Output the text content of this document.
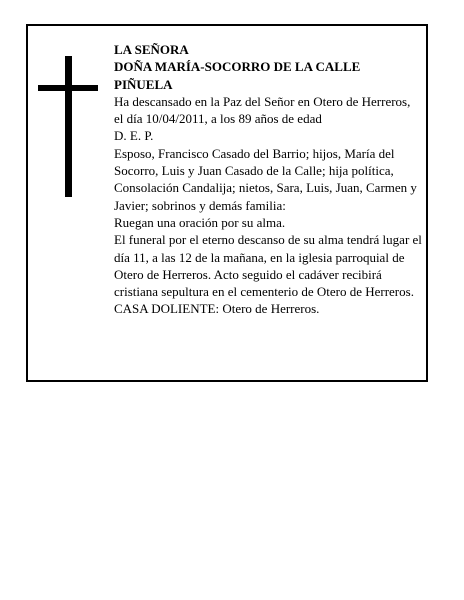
LA SEÑORA

DOÑA MARÍA-SOCORRO DE LA CALLE PIÑUELA

Ha descansado en la Paz del Señor en Otero de Herreros, el día 10/04/2011, a los 89 años de edad

D. E. P.

Esposo, Francisco Casado del Barrio; hijos, María del Socorro, Luis y Juan Casado de la Calle; hija política, Consolación Candalija; nietos, Sara, Luis, Juan, Carmen y Javier; sobrinos y demás familia:

Ruegan una oración por su alma.

El funeral por el eterno descanso de su alma tendrá lugar el día 11, a las 12 de la mañana, en la iglesia parroquial de Otero de Herreros. Acto seguido el cadáver recibirá cristiana sepultura en el cementerio de Otero de Herreros.

CASA DOLIENTE: Otero de Herreros.
